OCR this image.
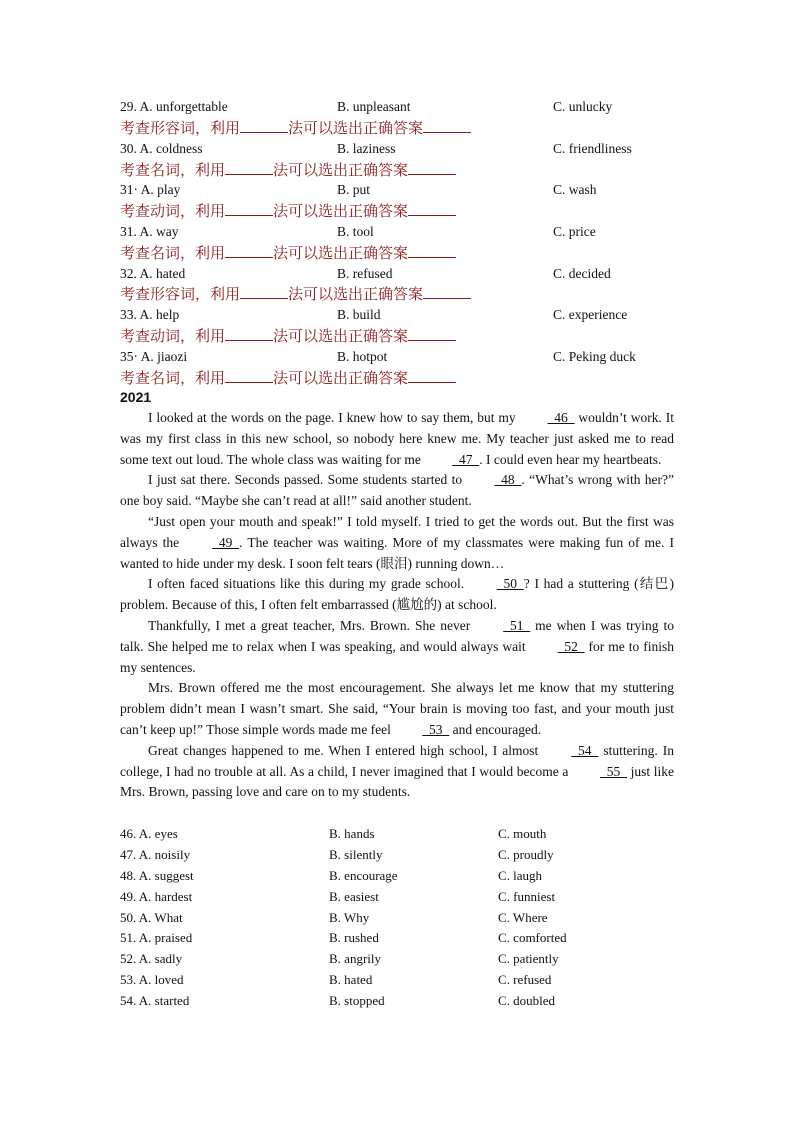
29. A. unforgettable	B. unpleasant	C. unlucky
考查形容词，利用	法可以选出正确答案
30. A. coldness	B. laziness	C. friendliness
考查名词，利用	法可以选出正确答案
31· A. play	B. put	C. wash
考查动词，利用	法可以选出正确答案
31. A. way	B. tool	C. price
考查名词，利用	法可以选出正确答案
32. A. hated	B. refused	C. decided
考查形容词，利用	法可以选出正确答案
33. A. help	B. build	C. experience
考查动词，利用	法可以选出正确答案
35· A. jiaozi	B. hotpot	C. Peking duck
考查名词，利用	法可以选出正确答案
2021

I looked at the words on the page. I knew how to say them, but my   46   wouldn’t work. It was my first class in this new school, so nobody here knew me. My teacher just asked me to read some text out loud. The whole class was waiting for me   47  . I could even hear my heartbeats.

I just sat there. Seconds passed. Some students started to   48  . “What’s wrong with her?” one boy said. “Maybe she can’t read at all!” said another student.

“Just open your mouth and speak!” I told myself. I tried to get the words out. But the first was always the   49  . The teacher was waiting. More of my classmates were making fun of me. I wanted to hide under my desk. I soon felt tears (眼泪) running down…

I often faced situations like this during my grade school.   50  ? I had a stuttering (结巴) problem. Because of this, I often felt embarrassed (尴尬的) at school.

Thankfully, I met a great teacher, Mrs. Brown. She never   51   me when I was trying to talk. She helped me to relax when I was speaking, and would always wait   52   for me to finish my sentences.

Mrs. Brown offered me the most encouragement. She always let me know that my stuttering problem didn’t mean I wasn’t smart. She said, “Your brain is moving too fast, and your mouth just can’t keep up!” Those simple words made me feel   53   and encouraged.

Great changes happened to me. When I entered high school, I almost   54   stuttering. In college, I had no trouble at all. As a child, I never imagined that I would become a   55   just like Mrs. Brown, passing love and care on to my students.

46. A. eyes	B. hands	C. mouth
47. A. noisily	B. silently	C. proudly
48. A. suggest	B. encourage	C. laugh
49. A. hardest	B. easiest	C. funniest
50. A. What	B. Why	C. Where
51. A. praised	B. rushed	C. comforted
52. A. sadly	B. angrily	C. patiently
53. A. loved	B. hated	C. refused
54. A. started	B. stopped	C. doubled
